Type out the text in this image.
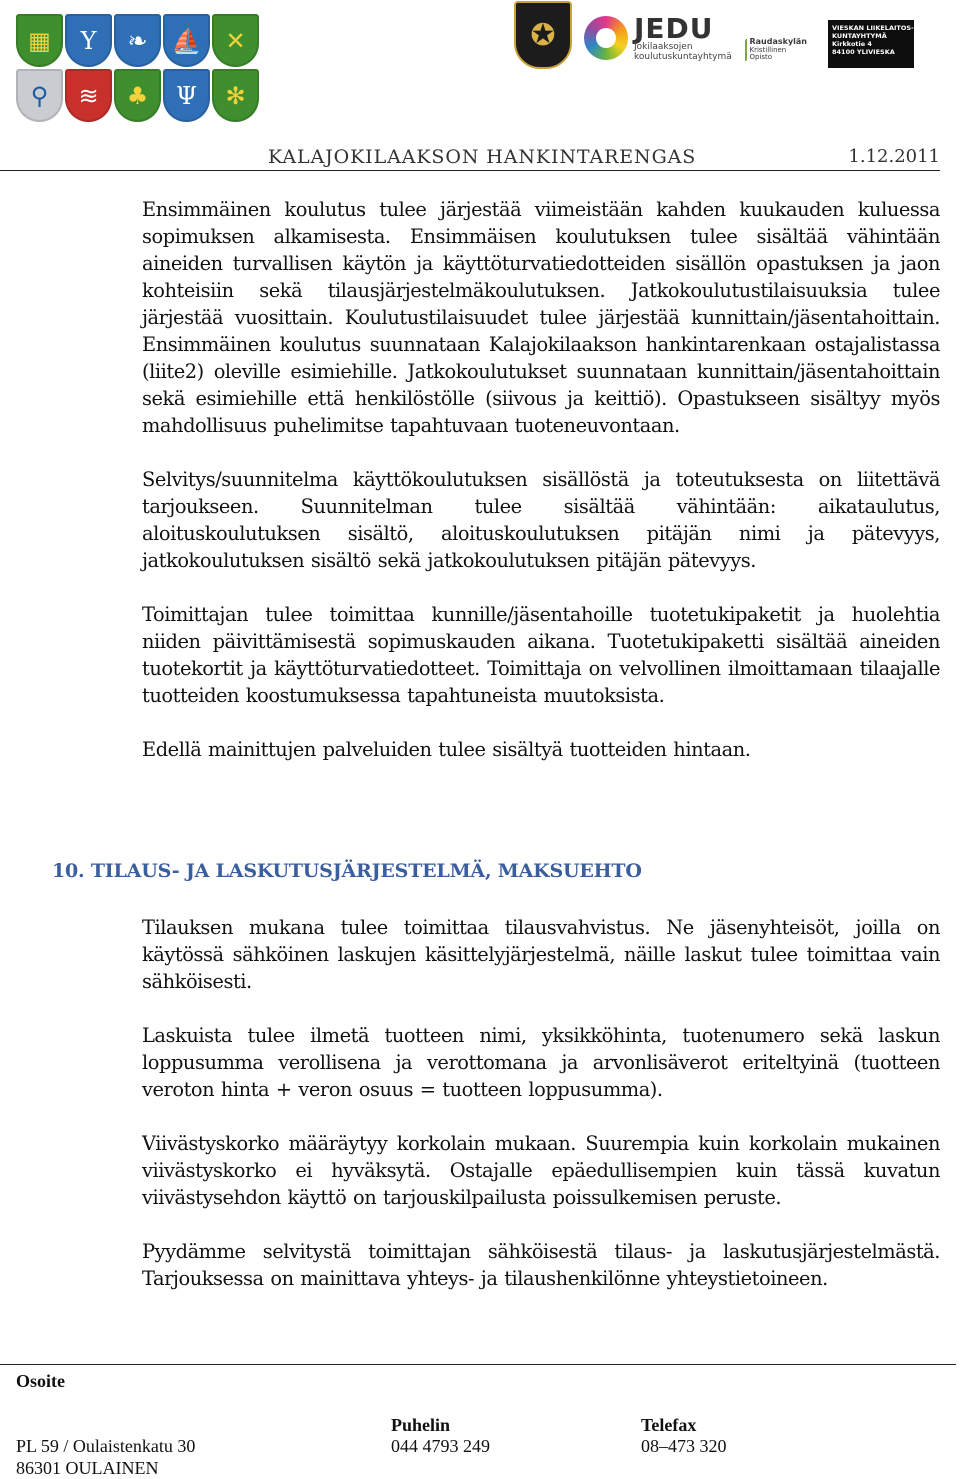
▦	Y	❧	⛵	✕
⚲	≋	♣	Ψ	✻
✪	JEDU
Jokilaaksojen
koulutuskuntayhtymä
Raudaskylän
Kristillinen Opisto
VIESKAN LIIKELAITOS-
KUNTAYHTYMÄ
Kirkkotie 4
84100 YLIVIESKA
KALAJOKILAAKSON HANKINTARENGAS	1.12.2011

Ensimmäinen koulutus tulee järjestää viimeistään kahden kuukauden kuluessa sopimuksen alkamisesta. Ensimmäisen koulutuksen tulee sisältää vähintään aineiden turvallisen käytön ja käyttöturvatiedotteiden sisällön opastuksen ja jaon kohteisiin sekä tilausjärjestelmäkoulutuksen. Jatkokoulutustilaisuuksia tulee järjestää vuosittain. Koulutustilaisuudet tulee järjestää kunnittain/jäsentahoittain. Ensimmäinen koulutus suunnataan Kalajokilaakson hankintarenkaan ostajalistassa (liite2) oleville esimiehille. Jatkokoulutukset suunnataan kunnittain/jäsentahoittain sekä esimiehille että henkilöstölle (siivous ja keittiö). Opastukseen sisältyy myös mahdollisuus puhelimitse tapahtuvaan tuoteneuvontaan.

Selvitys/suunnitelma käyttökoulutuksen sisällöstä ja toteutuksesta on liitettävä tarjoukseen. Suunnitelman tulee sisältää vähintään: aikataulutus, aloituskoulutuksen sisältö, aloituskoulutuksen pitäjän nimi ja pätevyys, jatkokoulutuksen sisältö sekä jatkokoulutuksen pitäjän pätevyys.

Toimittajan tulee toimittaa kunnille/jäsentahoille tuotetukipaketit ja huolehtia niiden päivittämisestä sopimuskauden aikana. Tuotetukipaketti sisältää aineiden tuotekortit ja käyttöturvatiedotteet. Toimittaja on velvollinen ilmoittamaan tilaajalle tuotteiden koostumuksessa tapahtuneista muutoksista.

Edellä mainittujen palveluiden tulee sisältyä tuotteiden hintaan.

10. TILAUS- JA LASKUTUSJÄRJESTELMÄ, MAKSUEHTO

Tilauksen mukana tulee toimittaa tilausvahvistus. Ne jäsenyhteisöt, joilla on käytössä sähköinen laskujen käsittelyjärjestelmä, näille laskut tulee toimittaa vain sähköisesti.

Laskuista tulee ilmetä tuotteen nimi, yksikköhinta, tuotenumero sekä laskun loppusumma verollisena ja verottomana ja arvonlisäverot eriteltyinä (tuotteen veroton hinta + veron osuus = tuotteen loppusumma).

Viivästyskorko määräytyy korkolain mukaan. Suurempia kuin korkolain mukainen viivästyskorko ei hyväksytä. Ostajalle epäedullisempien kuin tässä kuvatun viivästysehdon käyttö on tarjouskilpailusta poissulkemisen peruste.

Pyydämme selvitystä toimittajan sähköisestä tilaus- ja laskutusjärjestelmästä. Tarjouksessa on mainittava yhteys- ja tilaushenkilönne yhteystietoineen.

Osoite
PL 59 / Oulaistenkatu 30
86301 OULAINEN
Puhelin
044 4793 249
Telefax
08–473 320
